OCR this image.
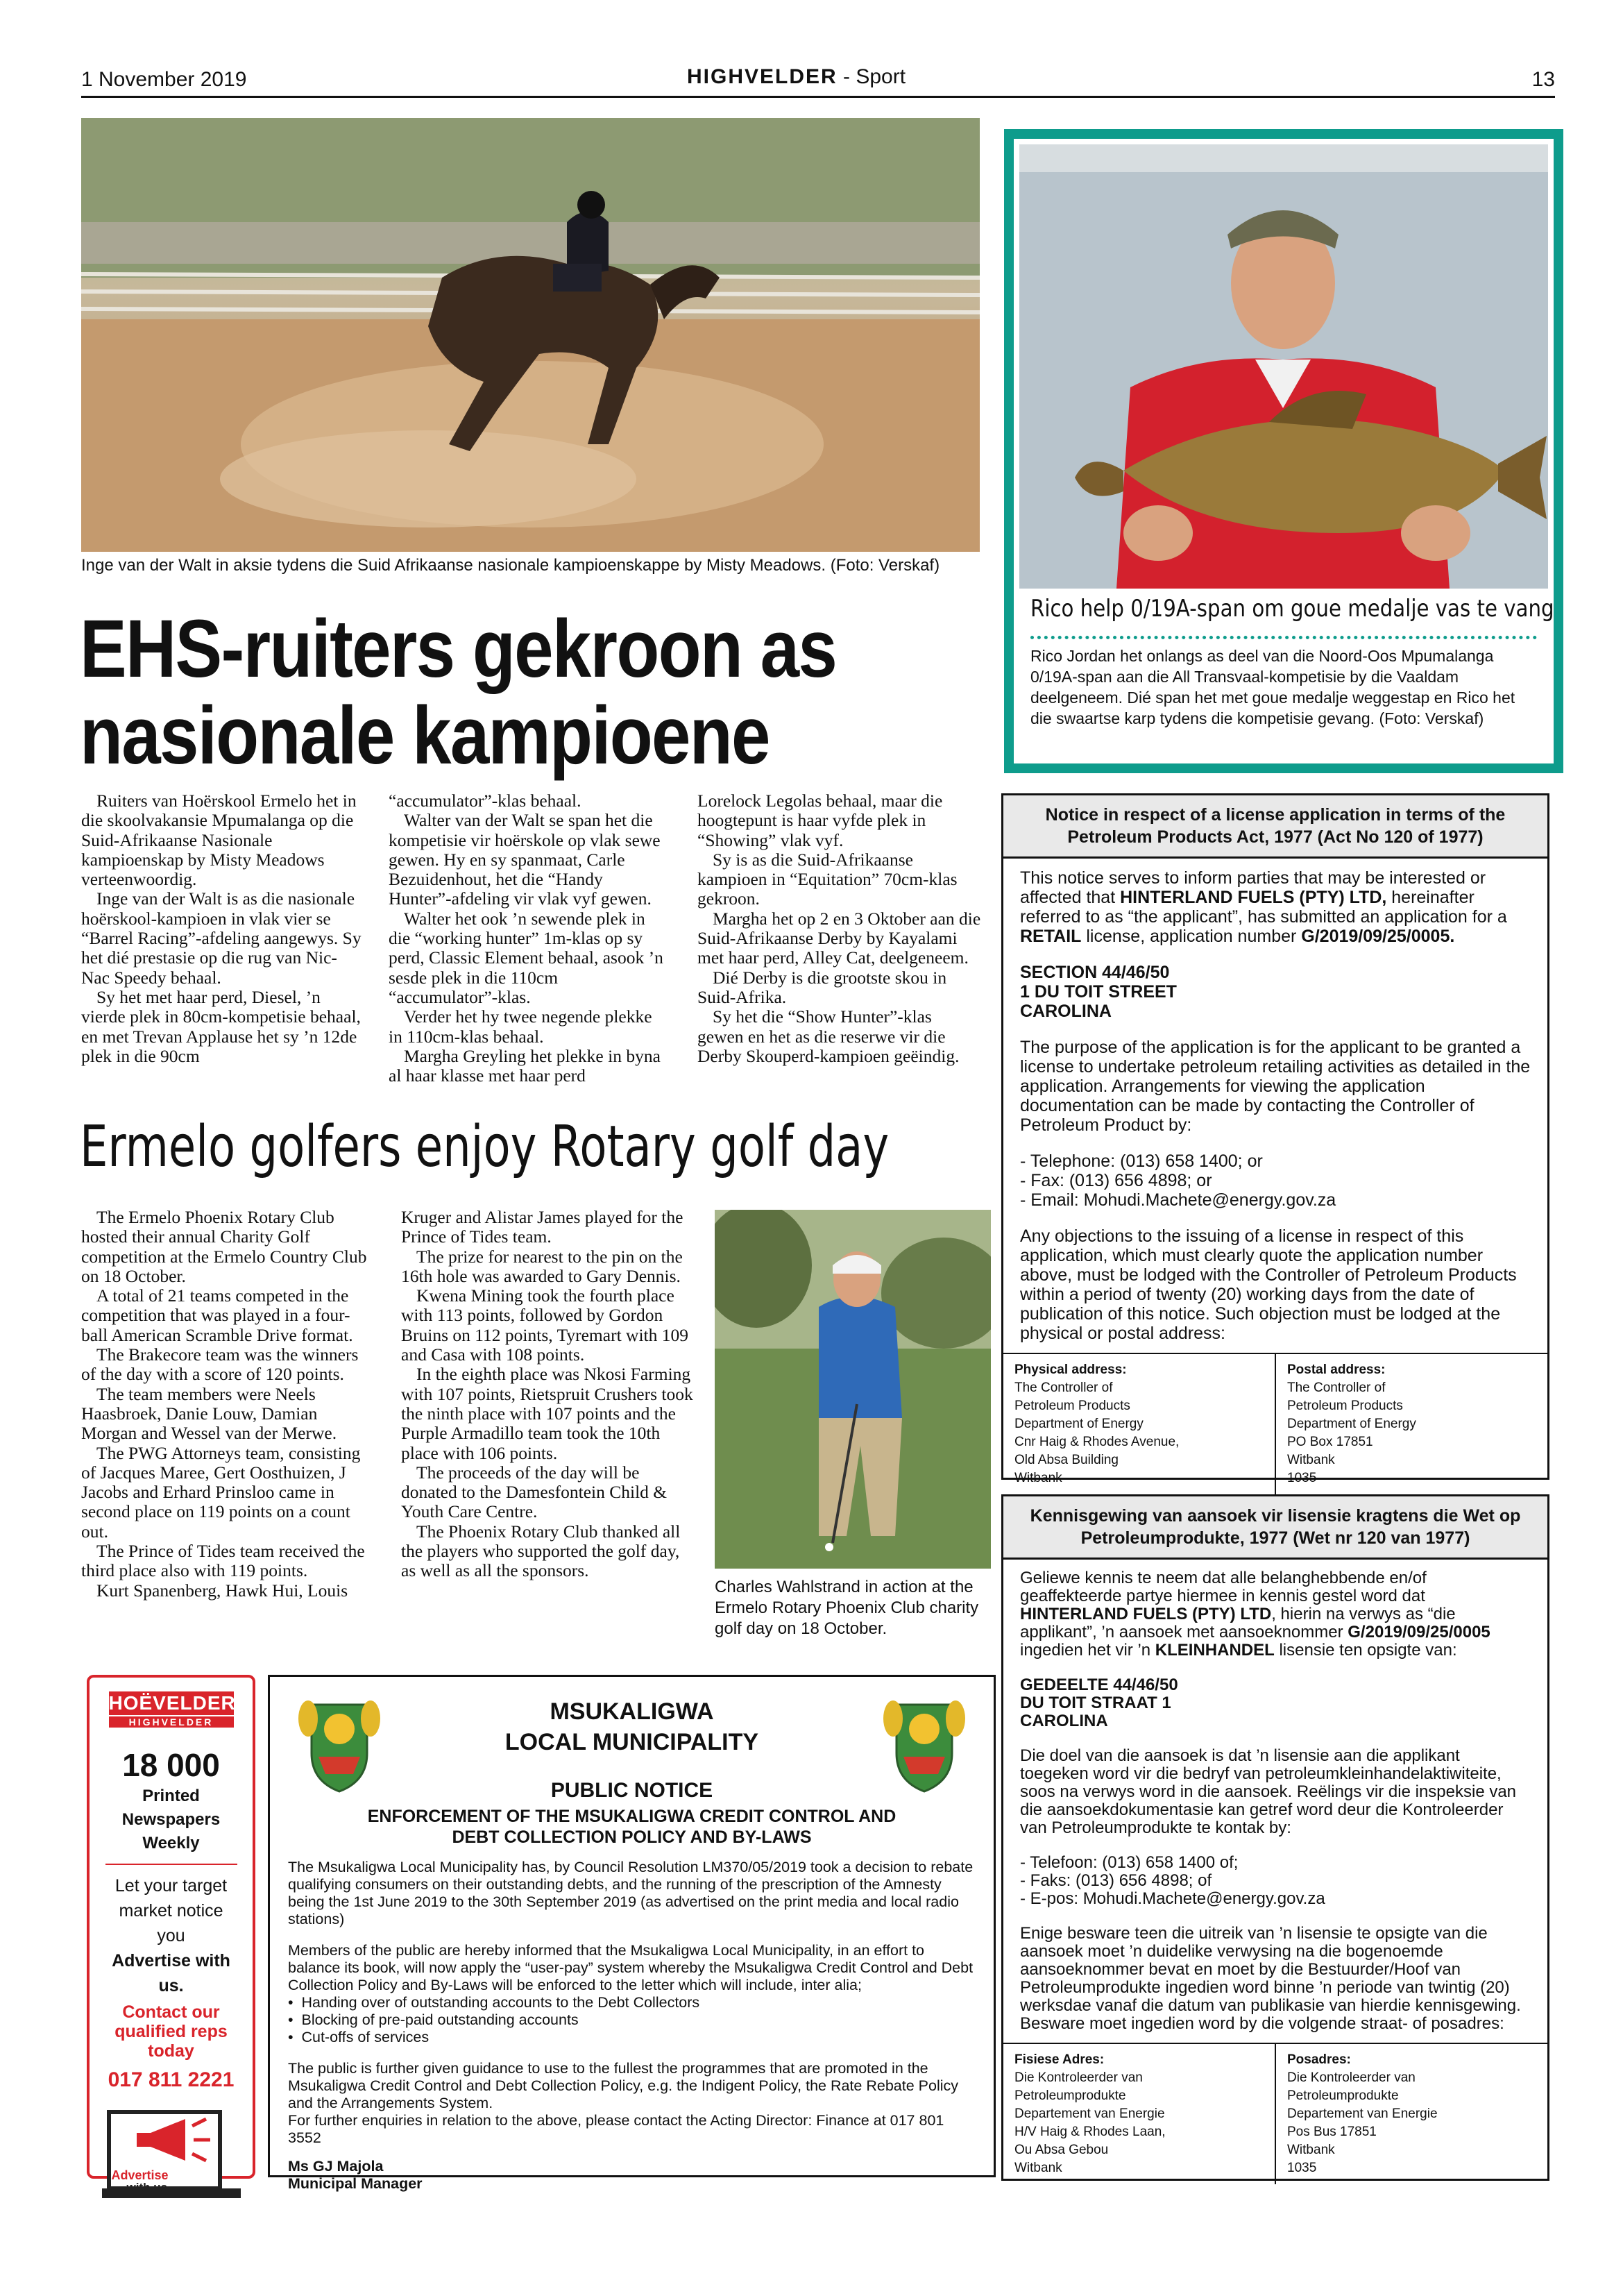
1 November 2019	HIGHVELDER - Sport	13
Inge van der Walt in aksie tydens die Suid Afrikaanse nasionale kampioenskappe by Misty Meadows. (Foto: Verskaf)
EHS-ruiters gekroon as
nasionale kampioene

Ruiters van Hoërskool Ermelo het in die skoolvakansie Mpumalanga op die Suid-Afrikaanse Nasionale kampioenskap by Misty Meadows verteenwoordig.

Inge van der Walt is as die nasionale hoërskool-kampioen in vlak vier se “Barrel Racing”-afdeling aangewys. Sy het dié prestasie op die rug van Nic-Nac Speedy behaal.

Sy het met haar perd, Diesel, ’n vierde plek in 80cm-kompetisie behaal, en met Trevan Applause het sy ’n 12de plek in die 90cm

“accumulator”-klas behaal.

Walter van der Walt se span het die kompetisie vir hoërskole op vlak sewe gewen. Hy en sy spanmaat, Carle Bezuidenhout, het die “Handy Hunter”-afdeling vir vlak vyf gewen.

Walter het ook ’n sewende plek in die “working hunter” 1m-klas op sy perd, Classic Element behaal, asook ’n sesde plek in die 110cm “accumulator”-klas.

Verder het hy twee negende plekke in 110cm-klas behaal.

Margha Greyling het plekke in byna al haar klasse met haar perd

Lorelock Legolas behaal, maar die hoogtepunt is haar vyfde plek in “Showing” vlak vyf.

Sy is as die Suid-Afrikaanse kampioen in “Equitation” 70cm-klas gekroon.

Margha het op 2 en 3 Oktober aan die Suid-Afrikaanse Derby by Kayalami met haar perd, Alley Cat, deelgeneem.

Dié Derby is die grootste skou in Suid-Afrika.

Sy het die “Show Hunter”-klas gewen en het as die reserwe vir die Derby Skouperd-kampioen geëindig.

Rico help 0/19A-span om goue medalje vas te vang
Rico Jordan het onlangs as deel van die Noord-Oos Mpumalanga 0/19A-span aan die All Transvaal-kompetisie by die Vaaldam deelgeneem. Dié span het met goue medalje weggestap en Rico het die swaartse karp tydens die kompetisie gevang. (Foto: Verskaf)
Ermelo golfers enjoy Rotary golf day

The Ermelo Phoenix Rotary Club hosted their annual Charity Golf competition at the Ermelo Country Club on 18 October.

A total of 21 teams competed in the competition that was played in a four-ball American Scramble Drive format.

The Brakecore team was the winners of the day with a score of 120 points.

The team members were Neels Haasbroek, Danie Louw, Damian Morgan and Wessel van der Merwe.

The PWG Attorneys team, consisting of Jacques Maree, Gert Oosthuizen, J Jacobs and Erhard Prinsloo came in second place on 119 points on a count out.

The Prince of Tides team received the third place also with 119 points.

Kurt Spanenberg, Hawk Hui, Louis

Kruger and Alistar James played for the Prince of Tides team.

The prize for nearest to the pin on the 16th hole was awarded to Gary Dennis.

Kwena Mining took the fourth place with 113 points, followed by Gordon Bruins on 112 points, Tyremart with 109 and Casa with 108 points.

In the eighth place was Nkosi Farming with 107 points, Rietspruit Crushers took the ninth place with 107 points and the Purple Armadillo team took the 10th place with 106 points.

The proceeds of the day will be donated to the Damesfontein Child & Youth Care Centre.

The Phoenix Rotary Club thanked all the players who supported the golf day, as well as all the sponsors.

Charles Wahlstrand in action at the Ermelo Rotary Phoenix Club charity golf day on 18 October.
Notice in respect of a license application in terms of the Petroleum Products Act, 1977 (Act No 120 of 1977)

This notice serves to inform parties that may be interested or affected that HINTERLAND FUELS (PTY) LTD, hereinafter referred to as “the applicant”, has submitted an application for a RETAIL license, application number G/2019/09/25/0005.

SECTION 44/46/50
1 DU TOIT STREET
CAROLINA

The purpose of the application is for the applicant to be granted a license to undertake petroleum retailing activities as detailed in the application. Arrangements for viewing the application documentation can be made by contacting the Controller of Petroleum Product by:

- Telephone: (013) 658 1400; or
- Fax: (013) 656 4898; or
- Email: Mohudi.Machete@energy.gov.za

Any objections to the issuing of a license in respect of this application, which must clearly quote the application number above, must be lodged with the Controller of Petroleum Products within a period of twenty (20) working days from the date of publication of this notice. Such objection must be lodged at the physical or postal address:

Physical address:
The Controller of
Petroleum Products
Department of Energy
Cnr Haig & Rhodes Avenue,
Old Absa Building
Witbank
Postal address:
The Controller of
Petroleum Products
Department of Energy
PO Box 17851
Witbank
1035
Kennisgewing van aansoek vir lisensie kragtens die Wet op Petroleumprodukte, 1977 (Wet nr 120 van 1977)

Geliewe kennis te neem dat alle belanghebbende en/of geaffekteerde partye hiermee in kennis gestel word dat HINTERLAND FUELS (PTY) LTD, hierin na verwys as “die applikant”, ’n aansoek met aansoeknommer G/2019/09/25/0005 ingedien het vir ’n KLEINHANDEL lisensie ten opsigte van:

GEDEELTE 44/46/50
DU TOIT STRAAT 1
CAROLINA

Die doel van die aansoek is dat ’n lisensie aan die applikant toegeken word vir die bedryf van petroleumkleinhandelaktiwiteite, soos na verwys word in die aansoek. Reëlings vir die inspeksie van die aansoekdokumentasie kan getref word deur die Kontroleerder van Petroleumprodukte te kontak by:

- Telefoon: (013) 658 1400 of;
- Faks: (013) 656 4898; of
- E-pos: Mohudi.Machete@energy.gov.za

Enige besware teen die uitreik van ’n lisensie te opsigte van die aansoek moet ’n duidelike verwysing na die bogenoemde aansoeknommer bevat en moet by die Bestuurder/Hoof van Petroleumprodukte ingedien word binne ’n periode van twintig (20) werksdae vanaf die datum van publikasie van hierdie kennisgewing. Besware moet ingedien word by die volgende straat- of posadres:

Fisiese Adres:
Die Kontroleerder van
Petroleumprodukte
Departement van Energie
H/V Haig & Rhodes Laan,
Ou Absa Gebou
Witbank
Posadres:
Die Kontroleerder van
Petroleumprodukte
Departement van Energie
Pos Bus 17851
Witbank
1035
HOËVELDER
HIGHVELDER
18 000
Printed
Newspapers
Weekly
Let your target market notice you
Advertise with us.
Contact our qualified reps today
017 811 2221
Advertise
with us
MSUKALIGWA
LOCAL MUNICIPALITY
PUBLIC NOTICE
ENFORCEMENT OF THE MSUKALIGWA CREDIT CONTROL AND DEBT COLLECTION POLICY AND BY-LAWS

The Msukaligwa Local Municipality has, by Council Resolution LM370/05/2019 took a decision to rebate qualifying consumers on their outstanding debts, and the running of the prescription of the Amnesty being the 1st June 2019 to the 30th September 2019 (as advertised on the print media and local radio stations)

Members of the public are hereby informed that the Msukaligwa Local Municipality, in an effort to balance its book, will now apply the “user-pay” system whereby the Msukaligwa Credit Control and Debt Collection Policy and By-Laws will be enforced to the letter which will include, inter alia;
•  Handing over of outstanding accounts to the Debt Collectors
•  Blocking of pre-paid outstanding accounts
•  Cut-offs of services

The public is further given guidance to use to the fullest the programmes that are promoted in the Msukaligwa Credit Control and Debt Collection Policy, e.g. the Indigent Policy, the Rate Rebate Policy and the Arrangements System.
For further enquiries in relation to the above, please contact the Acting Director: Finance at 017 801 3552

Ms GJ Majola
Municipal Manager
